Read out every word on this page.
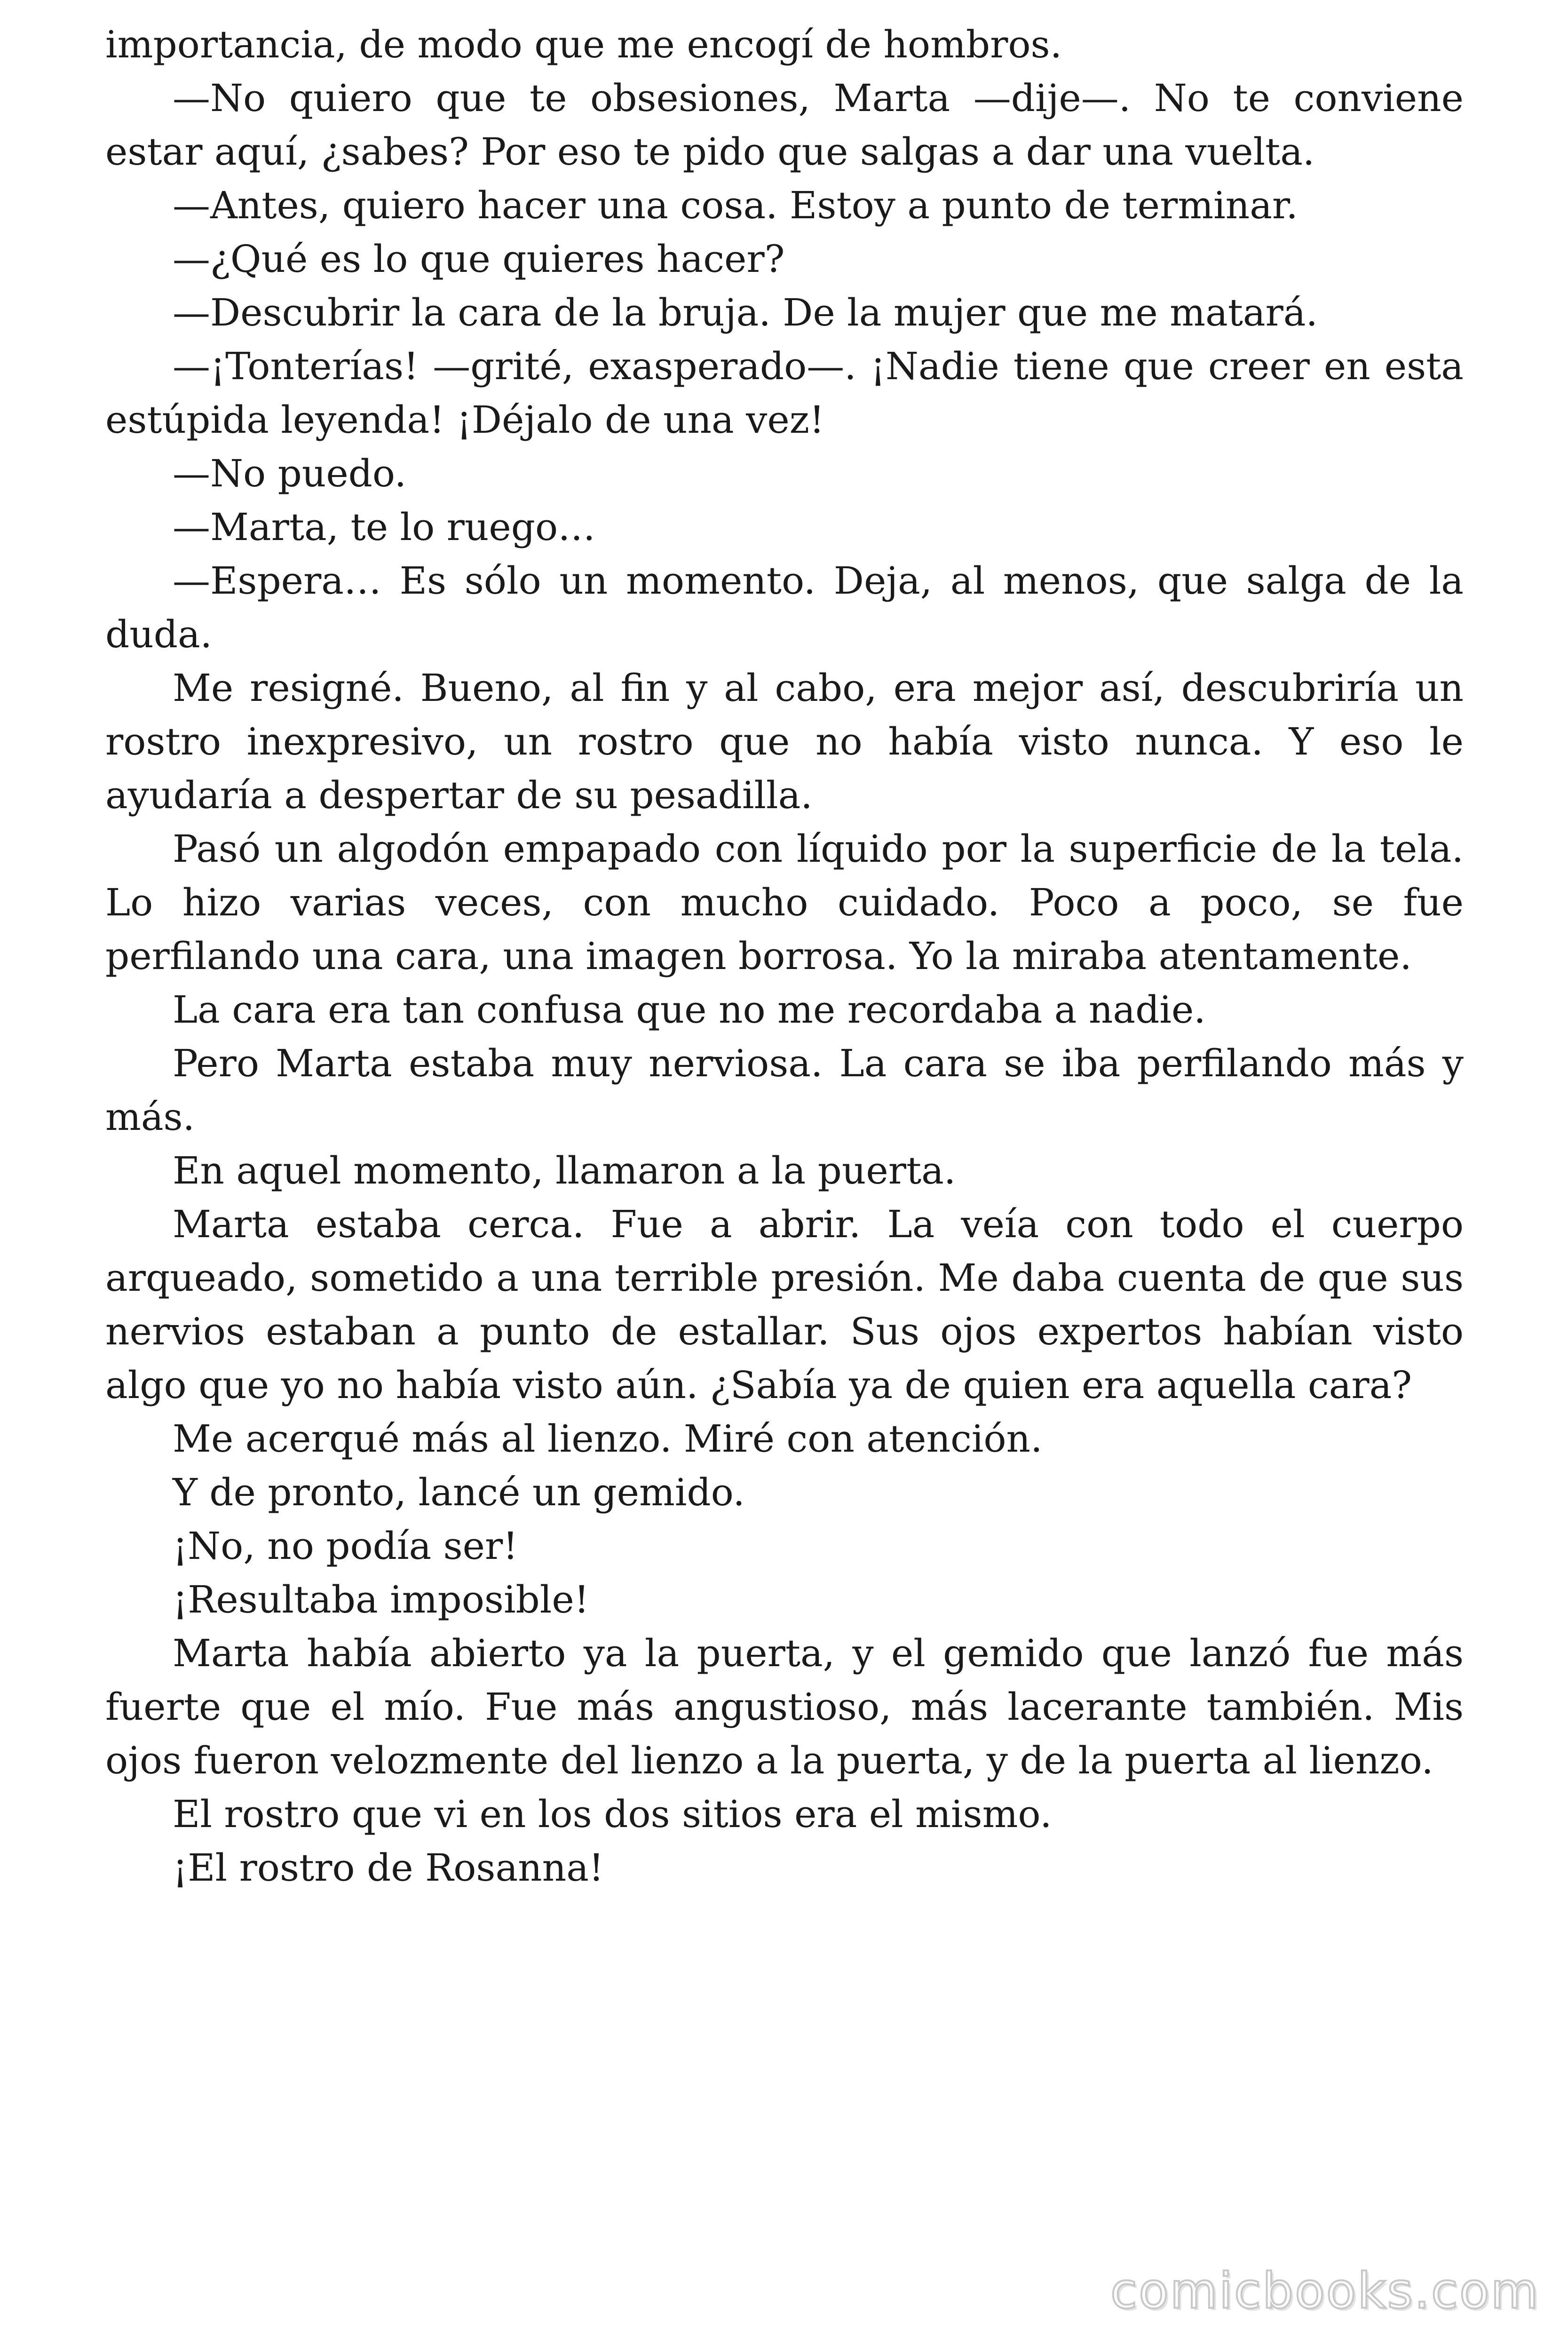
importancia, de modo que me encogí de hombros.

—No quiero que te obsesiones, Marta —dije—. No te conviene estar aquí, ¿sabes? Por eso te pido que salgas a dar una vuelta.

—Antes, quiero hacer una cosa. Estoy a punto de terminar.

—¿Qué es lo que quieres hacer?

—Descubrir la cara de la bruja. De la mujer que me matará.

—¡Tonterías! —grité, exasperado—. ¡Nadie tiene que creer en esta estúpida leyenda! ¡Déjalo de una vez!

—No puedo.

—Marta, te lo ruego…

—Espera… Es sólo un momento. Deja, al menos, que salga de la duda.

Me resigné. Bueno, al fin y al cabo, era mejor así, descubriría un rostro inexpresivo, un rostro que no había visto nunca. Y eso le ayudaría a despertar de su pesadilla.

Pasó un algodón empapado con líquido por la superficie de la tela. Lo hizo varias veces, con mucho cuidado. Poco a poco, se fue perfilando una cara, una imagen borrosa. Yo la miraba atentamente.

La cara era tan confusa que no me recordaba a nadie.

Pero Marta estaba muy nerviosa. La cara se iba perfilando más y más.

En aquel momento, llamaron a la puerta.

Marta estaba cerca. Fue a abrir. La veía con todo el cuerpo arqueado, sometido a una terrible presión. Me daba cuenta de que sus nervios estaban a punto de estallar. Sus ojos expertos habían visto algo que yo no había visto aún. ¿Sabía ya de quien era aquella cara?

Me acerqué más al lienzo. Miré con atención.

Y de pronto, lancé un gemido.

¡No, no podía ser!

¡Resultaba imposible!

Marta había abierto ya la puerta, y el gemido que lanzó fue más fuerte que el mío. Fue más angustioso, más lacerante también. Mis ojos fueron velozmente del lienzo a la puerta, y de la puerta al lienzo.

El rostro que vi en los dos sitios era el mismo.

¡El rostro de Rosanna!

comicbooks.com
